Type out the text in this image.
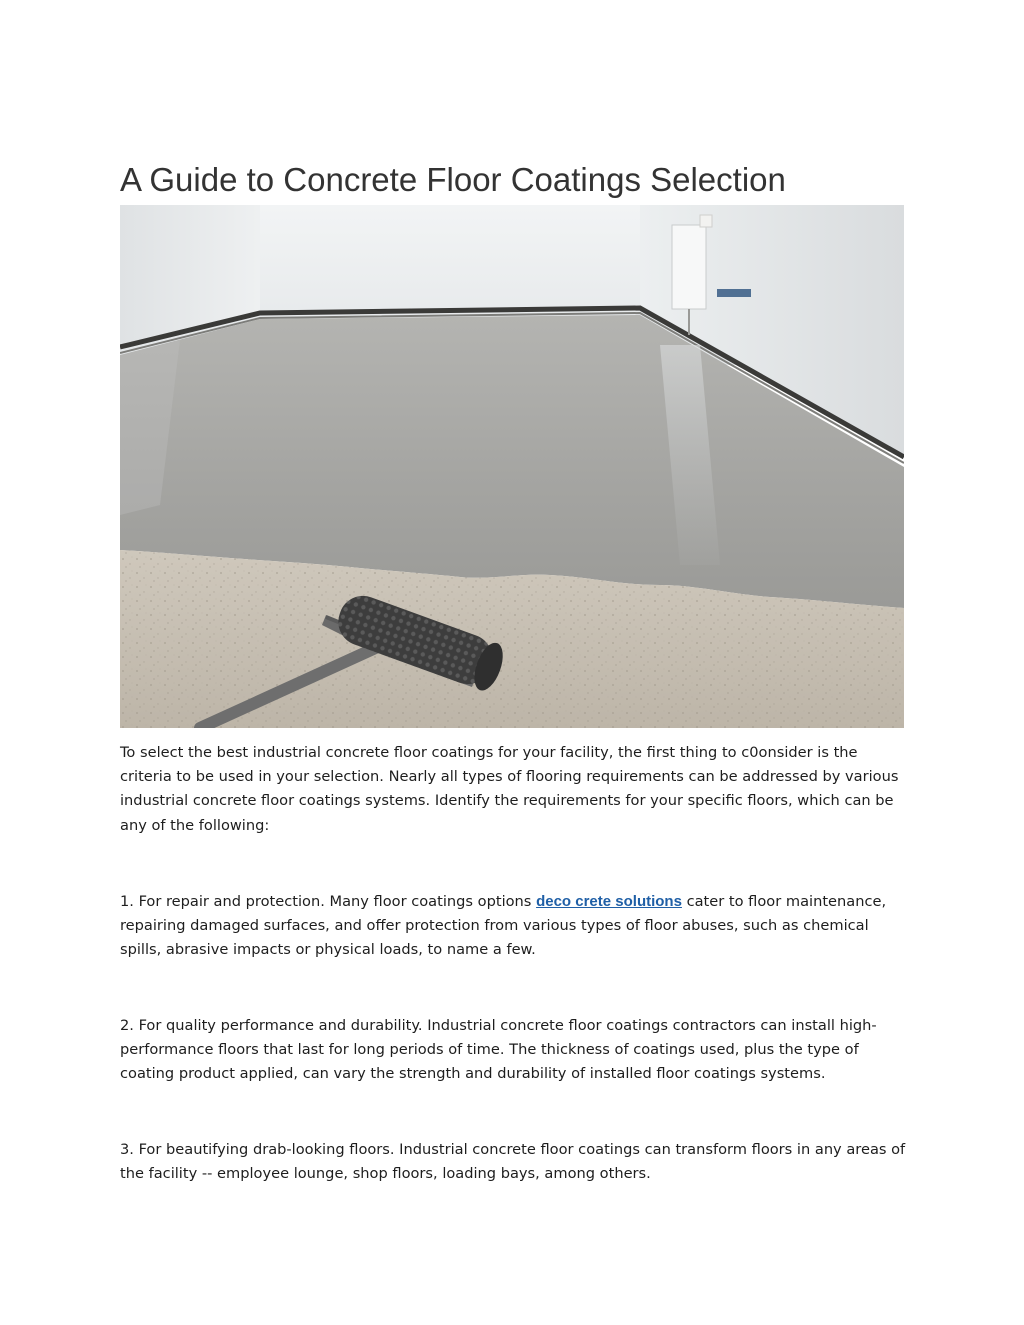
A Guide to Concrete Floor Coatings Selection

To select the best industrial concrete floor coatings for your facility, the first thing to c0onsider is the criteria to be used in your selection. Nearly all types of flooring requirements can be addressed by various industrial concrete floor coatings systems. Identify the requirements for your specific floors, which can be any of the following:

1. For repair and protection. Many floor coatings options deco crete solutions cater to floor maintenance, repairing damaged surfaces, and offer protection from various types of floor abuses, such as chemical spills, abrasive impacts or physical loads, to name a few.

2. For quality performance and durability. Industrial concrete floor coatings contractors can install high-performance floors that last for long periods of time. The thickness of coatings used, plus the type of coating product applied, can vary the strength and durability of installed floor coatings systems.

3. For beautifying drab-looking floors. Industrial concrete floor coatings can transform floors in any areas of the facility -- employee lounge, shop floors, loading bays, among others.
